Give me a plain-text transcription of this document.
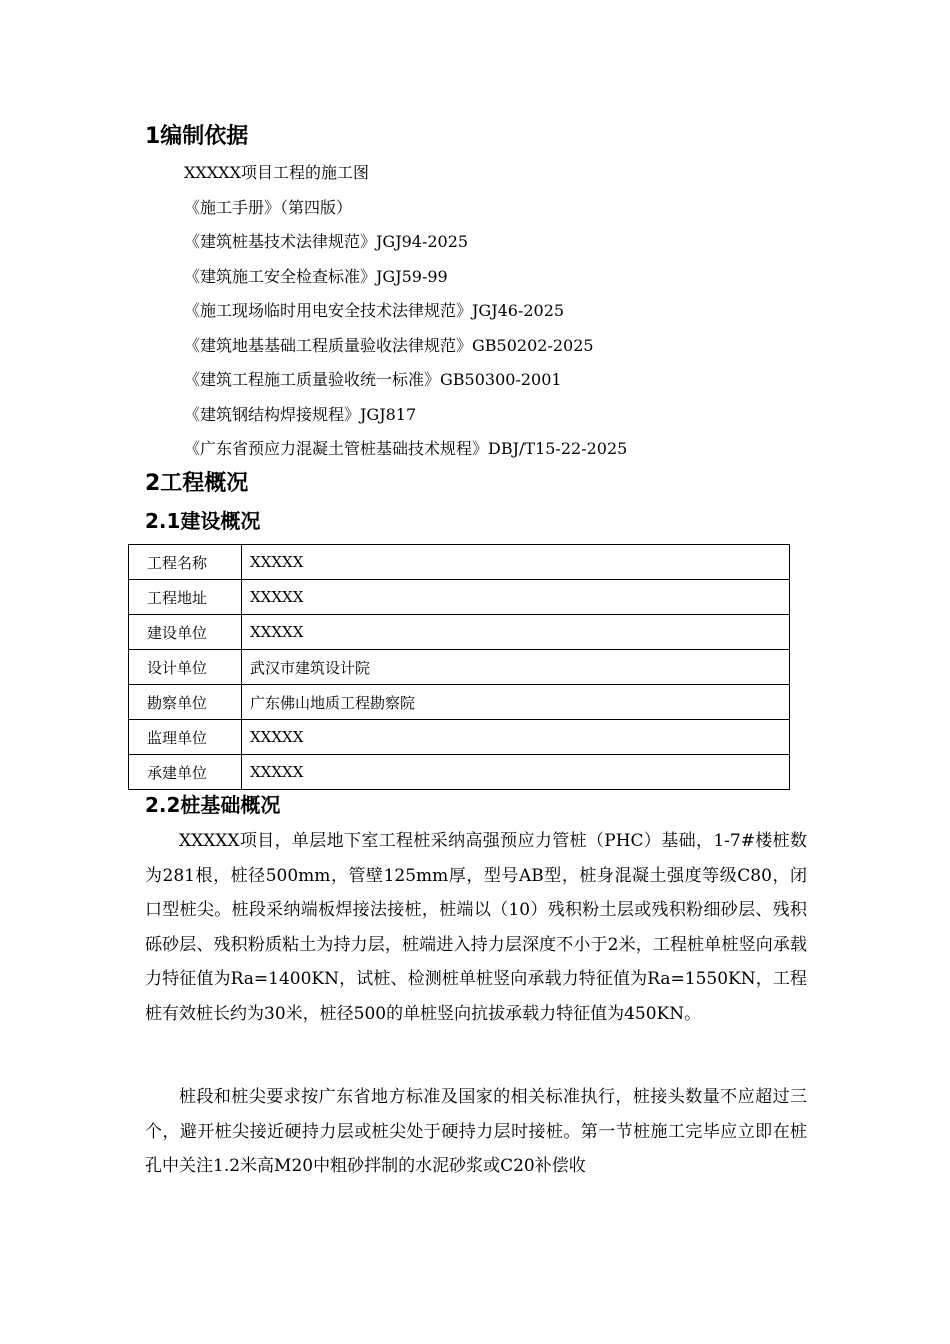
1编制依据
XXXXX项目工程的施工图
《施工手册》（第四版）
《建筑桩基技术法律规范》JGJ94-2025
《建筑施工安全检查标准》JGJ59-99
《施工现场临时用电安全技术法律规范》JGJ46-2025
《建筑地基基础工程质量验收法律规范》GB50202-2025
《建筑工程施工质量验收统一标准》GB50300-2001
《建筑钢结构焊接规程》JGJ817
《广东省预应力混凝土管桩基础技术规程》DBJ/T15-22-2025
2工程概况
2.1建设概况
工程名称	XXXXX
工程地址	XXXXX
建设单位	XXXXX
设计单位	武汉市建筑设计院
勘察单位	广东佛山地质工程勘察院
监理单位	XXXXX
承建单位	XXXXX
2.2桩基础概况
XXXXX项目，单层地下室工程桩采纳高强预应力管桩（PHC）基础，1-7#楼桩数为281根，桩径500mm，管壁125mm厚，型号AB型，桩身混凝土强度等级C80，闭口型桩尖。桩段采纳端板焊接法接桩，桩端以（10）残积粉土层或残积粉细砂层、残积砾砂层、残积粉质粘土为持力层，桩端进入持力层深度不小于2米，工程桩单桩竖向承载力特征值为Ra=1400KN，试桩、检测桩单桩竖向承载力特征值为Ra=1550KN，工程桩有效桩长约为30米，桩径500的单桩竖向抗拔承载力特征值为450KN。
桩段和桩尖要求按广东省地方标准及国家的相关标准执行，桩接头数量不应超过三个，避开桩尖接近硬持力层或桩尖处于硬持力层时接桩。第一节桩施工完毕应立即在桩孔中关注1.2米高M20中粗砂拌制的水泥砂浆或C20补偿收
